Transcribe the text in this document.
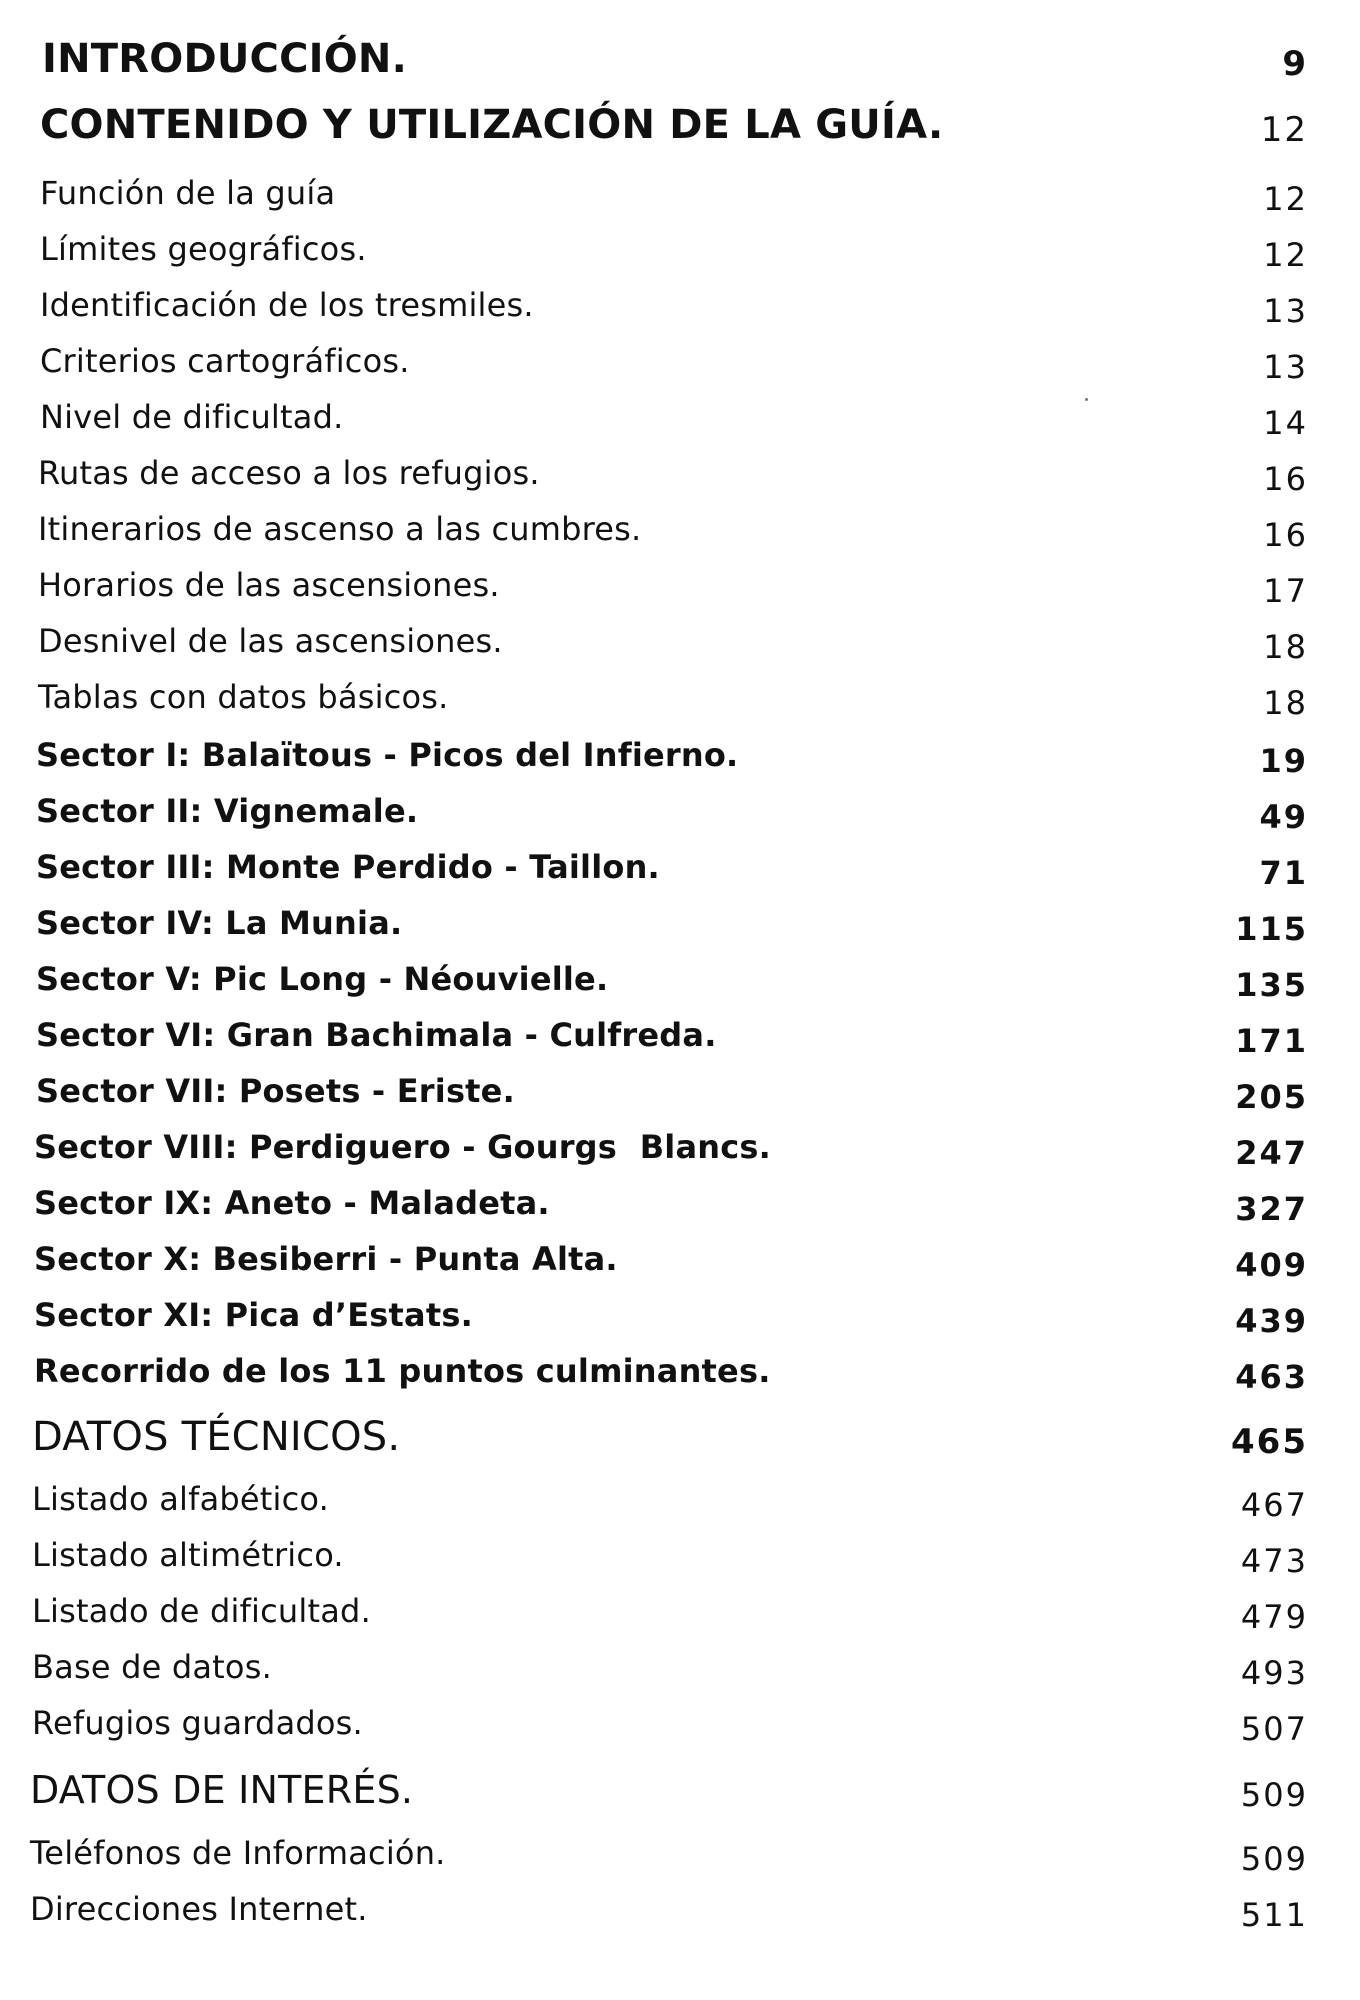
INTRODUCCIÓN.	9
CONTENIDO Y UTILIZACIÓN DE LA GUÍA.	12
Función de la guía	12
Límites geográficos.	12
Identificación de los tresmiles.	13
Criterios cartográficos.	13
Nivel de dificultad.	14
Rutas de acceso a los refugios.	16
Itinerarios de ascenso a las cumbres.	16
Horarios de las ascensiones.	17
Desnivel de las ascensiones.	18
Tablas con datos básicos.	18
Sector I: Balaïtous - Picos del Infierno.	19
Sector II: Vignemale.	49
Sector III: Monte Perdido - Taillon.	71
Sector IV: La Munia.	115
Sector V: Pic Long - Néouvielle.	135
Sector VI: Gran Bachimala - Culfreda.	171
Sector VII: Posets - Eriste.	205
Sector VIII: Perdiguero - Gourgs  Blancs.	247
Sector IX: Aneto - Maladeta.	327
Sector X: Besiberri - Punta Alta.	409
Sector XI: Pica d’Estats.	439
Recorrido de los 11 puntos culminantes.	463
DATOS TÉCNICOS.	465
Listado alfabético.	467
Listado altimétrico.	473
Listado de dificultad.	479
Base de datos.	493
Refugios guardados.	507
DATOS DE INTERÉS.	509
Teléfonos de Información.	509
Direcciones Internet.	511
